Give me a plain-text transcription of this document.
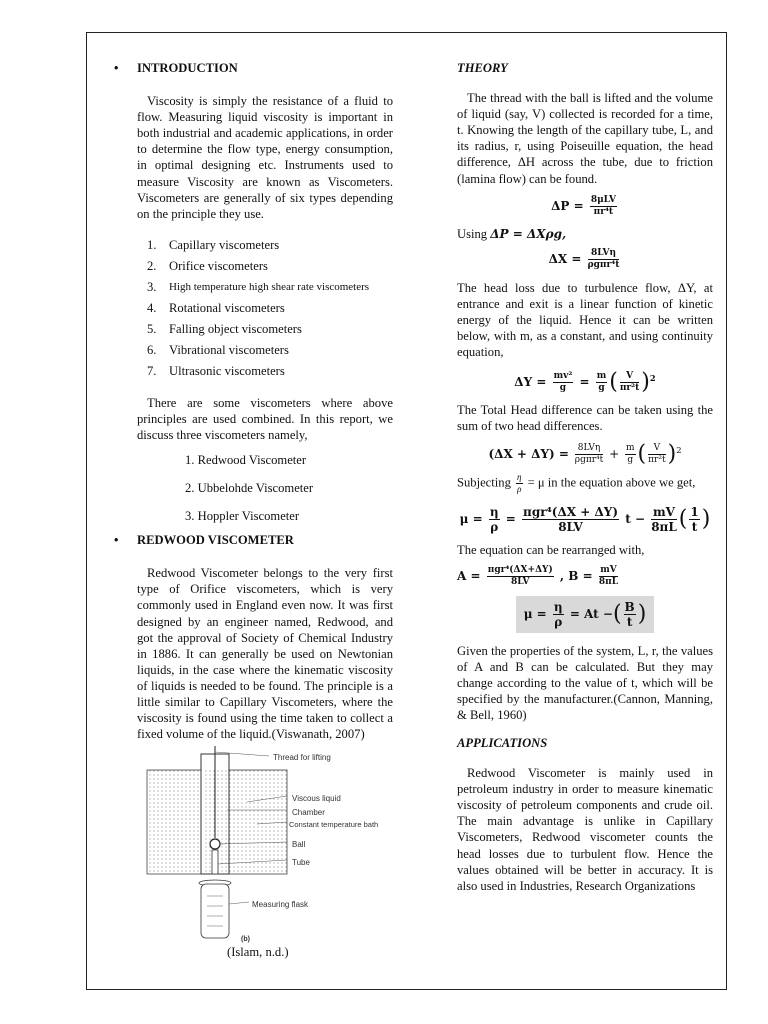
• INTRODUCTION

Viscosity is simply the resistance of a fluid to flow. Measuring liquid viscosity is important in both industrial and academic applications, in order to determine the flow type, energy consumption, in optimal designing etc. Instruments used to measure Viscosity are known as Viscometers. Viscometers are generally of six types depending on the principle they use.

1. Capillary viscometers
2. Orifice viscometers
3.	High temperature high shear rate viscometers
4. Rotational viscometers
5. Falling object viscometers
6. Vibrational viscometers
7. Ultrasonic viscometers

There are some viscometers where above principles are used combined. In this report, we discuss three viscometers namely,

1. Redwood Viscometer
2. Ubbelohde Viscometer
3. Hoppler Viscometer
• REDWOOD VISCOMETER

Redwood Viscometer belongs to the very first type of Orifice viscometers, which is very commonly used in England even now. It was first designed by an engineer named, Redwood, and got the approval of Society of Chemical Industry in 1886. It can generally be used on Newtonian liquids, in the case where the kinematic viscosity of liquids is needed to be found. The principle is a little similar to Capillary Viscometers, where the viscosity is found using the time taken to collect a fixed volume of the liquid.(Viswanath, 2007)

Thread for lifting
Viscous liquid
Chamber
Constant temperature bath
Ball
Tube
Measuring flask
(b)
(Islam, n.d.)
THEORY

The thread with the ball is lifted and the volume of liquid (say, V) collected is recorded for a time, t. Knowing the length of the capillary tube, L, and its radius, r, using Poiseuille equation, the head difference, ΔH across the tube, due to friction (lamina flow) can be found.

$\Delta P = \frac{\text{8μLV}}{\text{πr⁴t}}$
Using ΔP = ΔXρg,
$\Delta X = \frac{\text{8LVη}}{\text{ρgπr⁴t}}$

The head loss due to turbulence flow, ΔY, at entrance and exit is a linear function of kinetic energy of the liquid. Hence it can be written below, with m, as a constant, and using continuity equation,

$\Delta Y = \frac{\text{mv²}}{g} = \frac{m}{g}$ ( $\frac{V}{\text{πr²t}} )^2$

The Total Head difference can be taken using the sum of two head differences.

$(\Delta X + \Delta Y) = \frac{\text{8LVη}}{\text{ρgπr⁴t}} + \frac{m}{g}$ ( $\frac{V}{\text{πr²t}} )^2$
Subjecting $\frac{\eta}{\rho} = \mu$ in the equation above we get,
$\mu = \frac{\eta}{\rho} = \frac{\text{πgr⁴(ΔX + ΔY)}}{8LV}$ $t - \frac{mV}{8\pi L}$ ( $\frac{1}{t}$ )
The equation can be rearranged with,
$A = \frac{\text{πgr⁴(ΔX+ΔY)}}{8LV}$ , $B = \frac{mV}{8\pi L}$
$\mu = \frac{\eta}{\rho} = At$ −( $\frac{B}{t}$ )

Given the properties of the system, L, r, the values of A and B can be calculated. But they may change according to the value of t, which will be specified by the manufacturer.(Cannon, Manning, & Bell, 1960)

APPLICATIONS

Redwood Viscometer is mainly used in petroleum industry in order to measure kinematic viscosity of petroleum components and crude oil. The main advantage is unlike in Capillary Viscometers, Redwood viscometer counts the head losses due to turbulent flow. Hence the values obtained will be better in accuracy. It is also used in Industries, Research Organizations
